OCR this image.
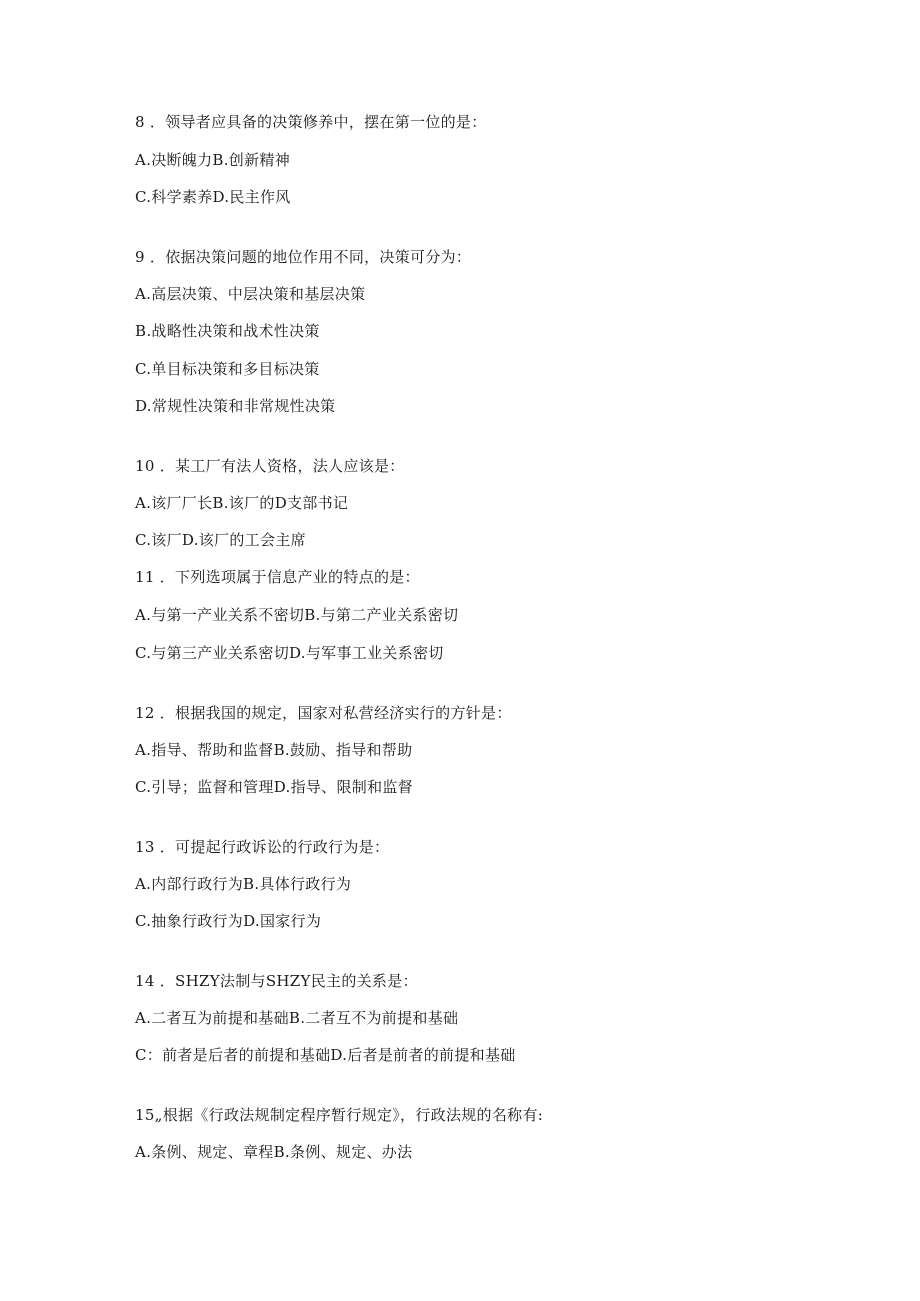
8 ．领导者应具备的决策修养中，摆在第一位的是：
A.决断魄力B.创新精神
C.科学素养D.民主作风
9 ．依据决策问题的地位作用不同，决策可分为：
A.高层决策、中层决策和基层决策
B.战略性决策和战术性决策
C.单目标决策和多目标决策
D.常规性决策和非常规性决策
10 ．某工厂有法人资格，法人应该是：
A.该厂厂长B.该厂的D支部书记
C.该厂D.该厂的工会主席
11 ．下列选项属于信息产业的特点的是：
A.与第一产业关系不密切B.与第二产业关系密切
C.与第三产业关系密切D.与军事工业关系密切
12 ．根据我国的规定，国家对私营经济实行的方针是：
A.指导、帮助和监督B.鼓励、指导和帮助
C.引导；监督和管理D.指导、限制和监督
13 ．可提起行政诉讼的行政行为是：
A.内部行政行为B.具体行政行为
C.抽象行政行为D.国家行为
14 ．SHZY法制与SHZY民主的关系是：
A.二者互为前提和基础B.二者互不为前提和基础
C：前者是后者的前提和基础D.后者是前者的前提和基础
15„根据《行政法规制定程序暂行规定》，行政法规的名称有:
A.条例、规定、章程B.条例、规定、办法
